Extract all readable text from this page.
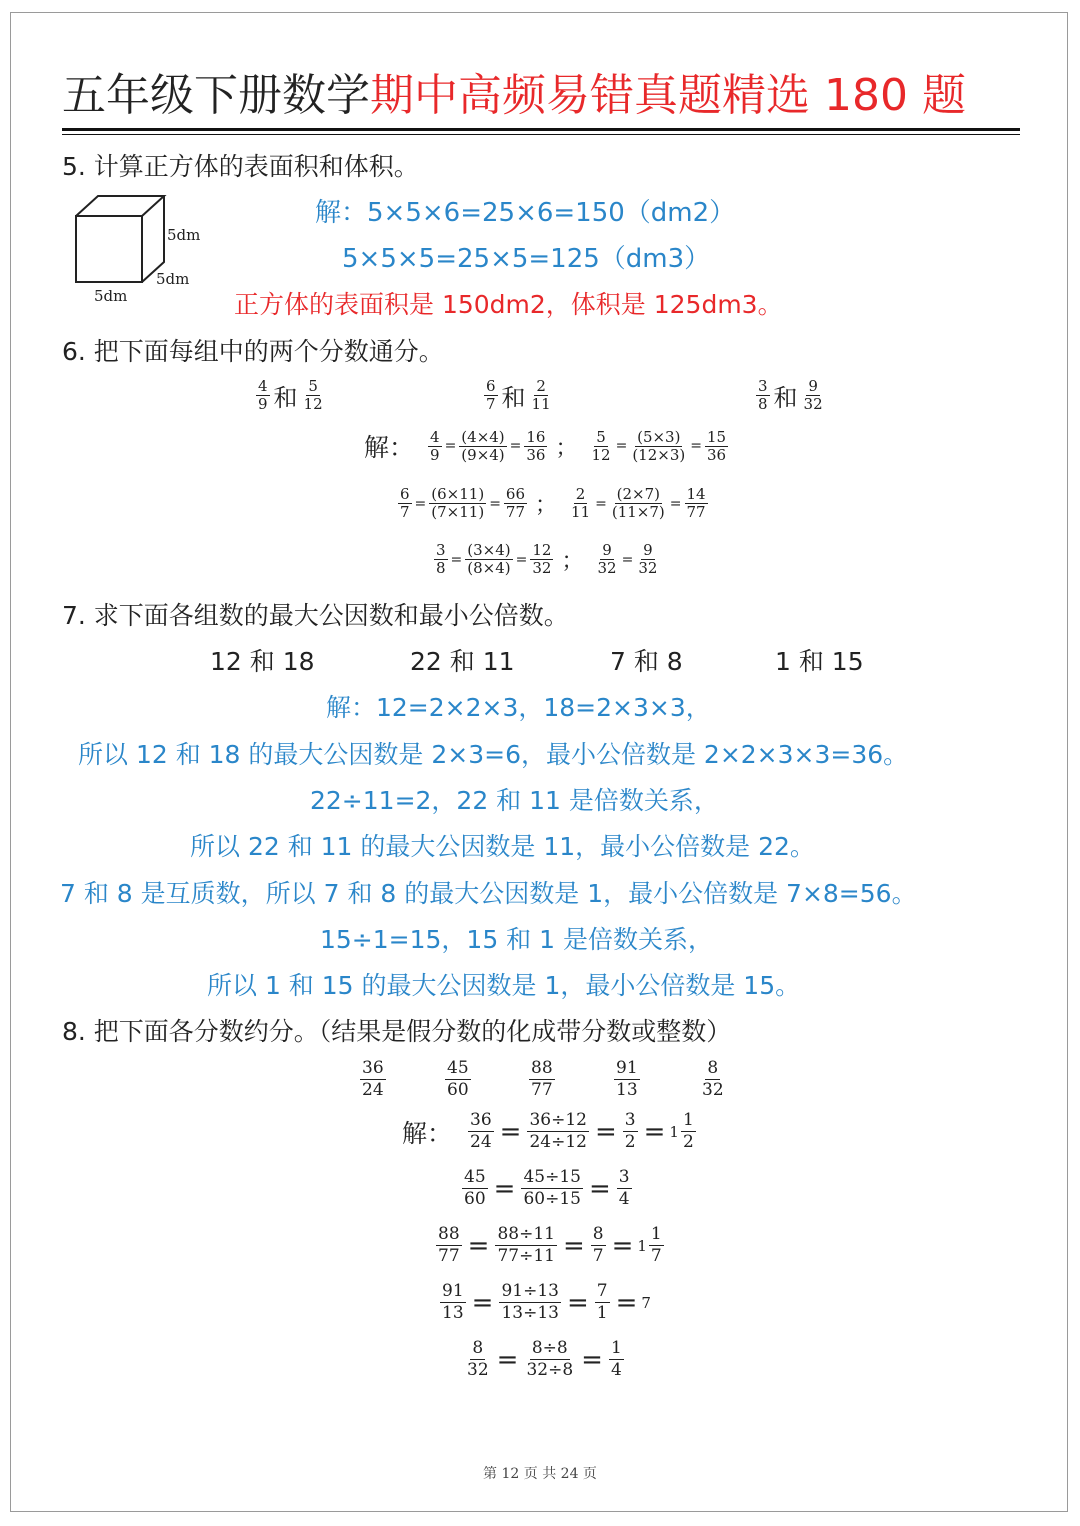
五年级下册数学期中高频易错真题精选 180 题
5. 计算正方体的表面积和体积。
5dm
5dm
5dm
解：5×5×6=25×6=150（dm2）
5×5×5=25×5=125（dm3）
正方体的表面积是 150dm2，体积是 125dm3。
6. 把下面每组中的两个分数通分。
$\frac{4}{9}$ 和 $\frac{5}{12}$	$\frac{6}{7}$ 和 $\frac{2}{11}$	$\frac{3}{8}$ 和 $\frac{9}{32}$
解： $\frac{4}{9} = \frac{(4\times 4)}{(9\times 4)} = \frac{16}{36}$ ； $\frac{5}{12} = \frac{(5\times 3)}{(12\times 3)} = \frac{15}{36}$
$\frac{6}{7} = \frac{(6\times 11)}{(7\times 11)} = \frac{66}{77}$ ； $\frac{2}{11} = \frac{(2\times 7)}{(11\times 7)} = \frac{14}{77}$
$\frac{3}{8} = \frac{(3\times 4)}{(8\times 4)} = \frac{12}{32}$ ； $\frac{9}{32} = \frac{9}{32}$
7. 求下面各组数的最大公因数和最小公倍数。
12 和 18	22 和 11	7 和 8	1 和 15
解：12=2×2×3，18=2×3×3，
所以 12 和 18 的最大公因数是 2×3=6，最小公倍数是 2×2×3×3=36。
22÷11=2，22 和 11 是倍数关系，
所以 22 和 11 的最大公因数是 11，最小公倍数是 22。
7 和 8 是互质数，所以 7 和 8 的最大公因数是 1，最小公倍数是 7×8=56。
15÷1=15，15 和 1 是倍数关系，
所以 1 和 15 的最大公因数是 1，最小公倍数是 15。
8. 把下面各分数约分。（结果是假分数的化成带分数或整数）
$\frac{36}{24}$	$\frac{45}{60}$	$\frac{88}{77}$	$\frac{91}{13}$	$\frac{8}{32}$
解： $\frac{36}{24} = \frac{36\div 12}{24\div 12} = \frac{3}{2} = 1 \frac{1}{2}$
$\frac{45}{60} = \frac{45\div 15}{60\div 15} = \frac{3}{4}$
$\frac{88}{77} = \frac{88\div 11}{77\div 11} = \frac{8}{7} = 1 \frac{1}{7}$
$\frac{91}{13} = \frac{91\div 13}{13\div 13} = \frac{7}{1} = 7$
$\frac{8}{32} = \frac{8\div 8}{32\div 8} = \frac{1}{4}$
第 12 页 共 24 页
